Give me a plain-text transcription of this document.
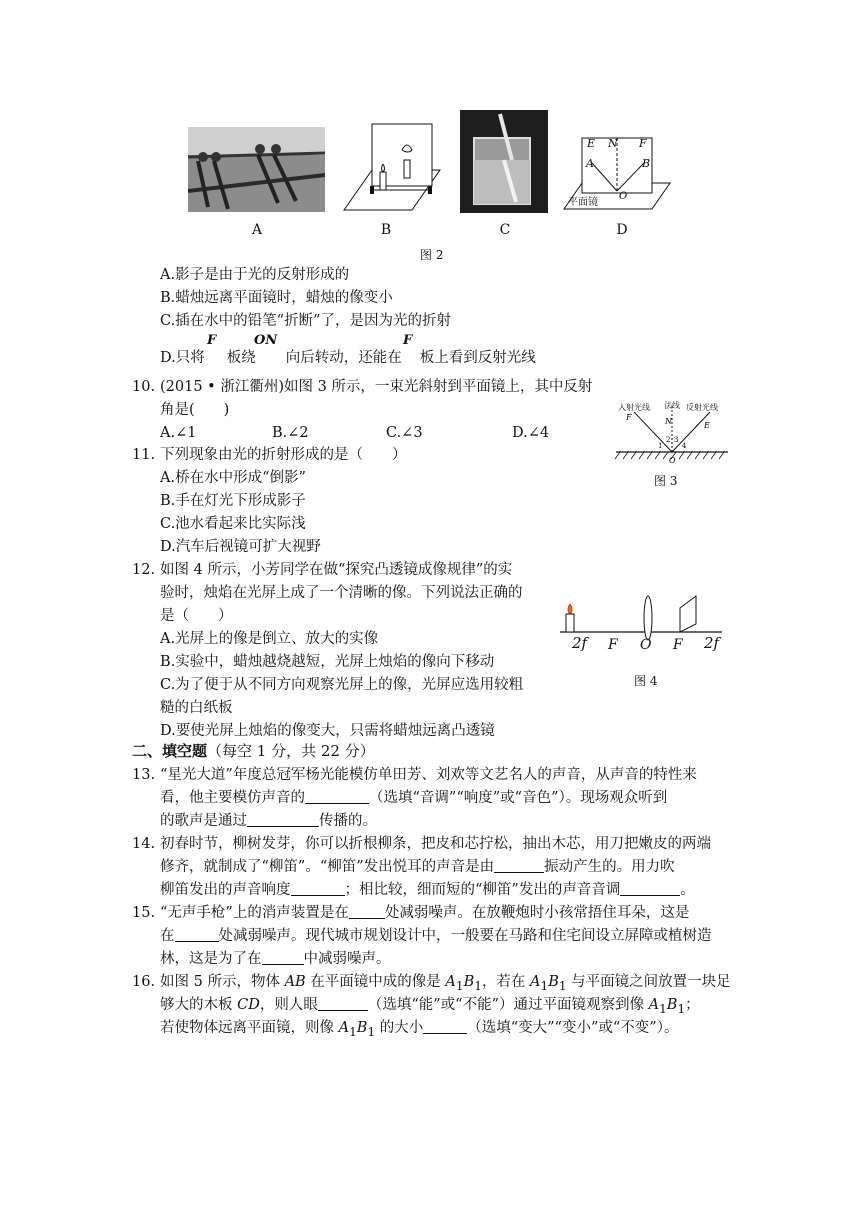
E N F
A	B
O
平面镜
A	B	C	D
图 2
A.影子是由于光的反射形成的
B.蜡烛远离平面镜时，蜡烛的像变小
C.插在水中的铅笔“折断”了，是因为光的折射
D.只将 板绕 向后转动，还能在 板上看到反射光线
F	ON	F
10. (2015 • 浙江衢州)如图 3 所示，一束光斜射到平面镜上，其中反射
角是(　　)
A.∠1	B.∠2	C.∠3	D.∠4
F	N	E
O
1
2 3
4
入射光线 法线 反射光线
图 3
11. 下列现象由光的折射形成的是（　　）
A.桥在水中形成“倒影”
B.手在灯光下形成影子
C.池水看起来比实际浅
D.汽车后视镜可扩大视野
12. 如图 4 所示，小芳同学在做“探究凸透镜成像规律”的实
验时，烛焰在光屏上成了一个清晰的像。下列说法正确的
是（　　）
A.光屏上的像是倒立、放大的实像
B.实验中，蜡烛越烧越短，光屏上烛焰的像向下移动
C.为了便于从不同方向观察光屏上的像，光屏应选用较粗
糙的白纸板
D.要使光屏上烛焰的像变大，只需将蜡烛远离凸透镜
2f F O F 2f
图 4
二、填空题（每空 1 分，共 22 分）
13. “星光大道”年度总冠军杨光能模仿单田芳、刘欢等文艺名人的声音，从声音的特性来
看，他主要模仿声音的	（选填“音调”“响度”或“音色”）。现场观众听到
的歌声是通过	传播的。
14. 初春时节，柳树发芽，你可以折根柳条，把皮和芯拧松，抽出木芯，用刀把嫩皮的两端
修齐，就制成了“柳笛”。“柳笛”发出悦耳的声音是由	振动产生的。用力吹
柳笛发出的声音响度	；相比较，细而短的“柳笛”发出的声音音调	。
15. “无声手枪”上的消声装置是在 处减弱噪声。在放鞭炮时小孩常捂住耳朵，这是
在	处减弱噪声。现代城市规划设计中，一般要在马路和住宅间设立屏障或植树造
林，这是为了在	中减弱噪声。
16. 如图 5 所示，物体 AB 在平面镜中成的像是 $A_1B_1$，若在 $A_1B_1$ 与平面镜之间放置一块足
够大的木板 CD，则人眼	（选填“能”或“不能”）通过平面镜观察到像 $A_1B_1$；
若使物体远离平面镜，则像 $A_1B_1$ 的大小	（选填“变大”“变小”或“不变”）。
